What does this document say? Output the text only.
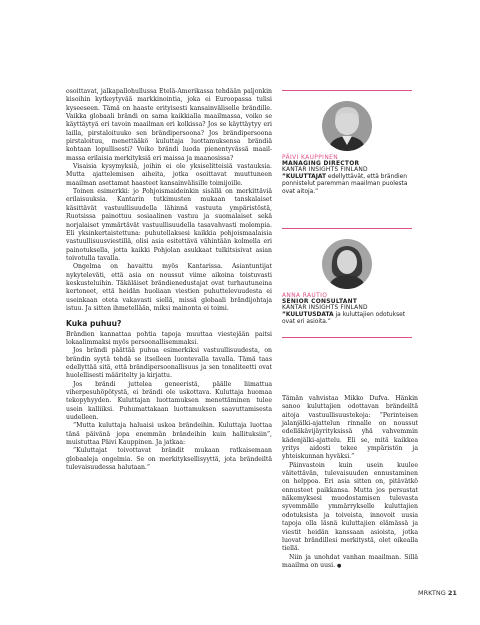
osoittavat, jalkapallohullussa Etelä-Amerikassa tehdään paljonkin kisoihin kytkeytyvää markkinointia, joka ei Euroopassa tulisi kyseeseen. Tämä on haaste erityisesti kansainväliselle brändille. Vaikka globaali brändi on sama kaikkialla maailmassa, voiko se käyttäytyä eri tavoin maailman eri kolkissa? Jos se käyttäytyy eri lailla, pirstaloituuko sen brändipersoona? Jos brändipersoona pirstaloituu, menettääkö kuluttaja luottamuksensa brändiä kohtaan lopullisesti? Voiko brändi luoda pienentyvässä maailmassa erilaisia merkityksiä eri maissa ja maanosissa?

Visaisia kysymyksiä, joihin ei ole yksiselitteisiä vastauksia. Mutta ajattelemisen aiheita, jotka osoittavat muuttuneen maailman asettamat haasteet kansainvälisille toimijoille.

Toinen esimerkki: jo Pohjoismaideinkin sisällä on merkittäviä erilaisuuksia. Kantarin tutkimusten mukaan tanskalaiset käsittävät vastuullisuudella lähinnä vastuuta ympäristöstä, Ruotsissa painottuu sosiaalinen vastuu ja suomalaiset sekä norjalaiset ymmärtävät vastuullisuudella tasavahvasti molempia. Eli yksinkertaistettuna: puhutellaksesi kaikkia pohjoismaalaisia vastuullisuusviestillä, olisi asia esitettävä vähintään kolmella eri painotuksella, jotta kaikki Pohjolan asukkaat tulkitsisivat asian toivotulla tavalla.

Ongelma on havaittu myös Kantarissa. Asiantuntijat nykyteleväti, että asia on noussut viime aikoina toistuvasti keskusteluihin. Täkäläiset brändienedustajat ovat turhautuneina kertoneet, että heidän huoliaan viestien puhuttelevuudesta ei useinkaan oteta vakavasti siellä, missä globaali brändijohtaja istuu. Ja sitten ihmetellään, miksi mainonta ei toimi.

Kuka puhuu?

Brändien kannattaa pohtia tapoja muuttaa viestejään paitsi lokaalimmaksi myös persoonallisemmaksi.

Jos brändi päättää puhua esimerkiksi vastuullisuudesta, on brändin syytä tehdä se itselleen luontevalla tavalla. Tämä taas edellyttää sitä, että brändipersoonallisuus ja sen tonaliteetti ovat huolellisesti määritelty ja kirjattu.

Jos brändi jutteleа geneeristä, päälle liimattua viherpesuhöpötystä, ei brändi ole uskottava. Kuluttaja huomaa tekopyhyyden. Kuluttajan luottamuksen menettäminen tulee usein kalliiksi. Puhumattakaan luottamuksen saavuttamisesta uudelleen.

”Mutta kuluttaja haluaisi uskoa brändeihin. Kuluttaja luottaa tänä päivänä jopa enemmän brändeihin kuin hallituksiin”, muistuttaa Päivi Kauppinen. Ja jatkaa:

”Kuluttajat toivottavat brändit mukaan ratkaisemaan globaaleja ongelmia. Se on merkityksellisyyttä, jota brändeiltä tulevaisuudessa halutaan.”

PÄIVI KAUPPINEN
MANAGING DIRECTOR
KANTAR INSIGHTS FINLAND
”KULUTTAJAT edellyttävät, että brändien ponnistelut paremman maailman puolesta ovat aitoja.”
ANNA RAUTIO
SENIOR CONSULTANT
KANTAR INSIGHTS FINLAND
”KULUTUSDATA ja kuluttajien odotukset ovat eri asioita.”

Tämän vahvistaa Mikko Dufva. Hänkin sanoo kuluttajien odottavan brändeiltä aitoja vastuullisuustekoja: ”Perinteisen jalanjälki-ajattelun rinnalle on noussut edelläkävijäyrityksissä yhä vahvemmin kädenjälki-ajattelu. Eli se, mitä kaikkea yritys aidosti tekee ympäristön ja yhteiskunnan hyväksi.”

Päinvastoin kuin usein kuulee väitettävän, tulevaisuuden ennustaminen on helppoa. Eri asia sitten on, pitävätkö ennusteet paikkansa. Mutta jos persustat näkemyksesi muodostamisen tulevasta syvemmälle ymmärrykselle kuluttajien odotuksista ja toiveista, innovoit uusia tapoja olla läsnä kuluttajien elämässä ja viestit heidän kanssaan asioista, jotka luovat brändillesi merkitystä, olet oikealla tiellä.

Niin ja unohdat vanhan maailman. Sillä maailma on uusi. ●

MRKTNG 21
